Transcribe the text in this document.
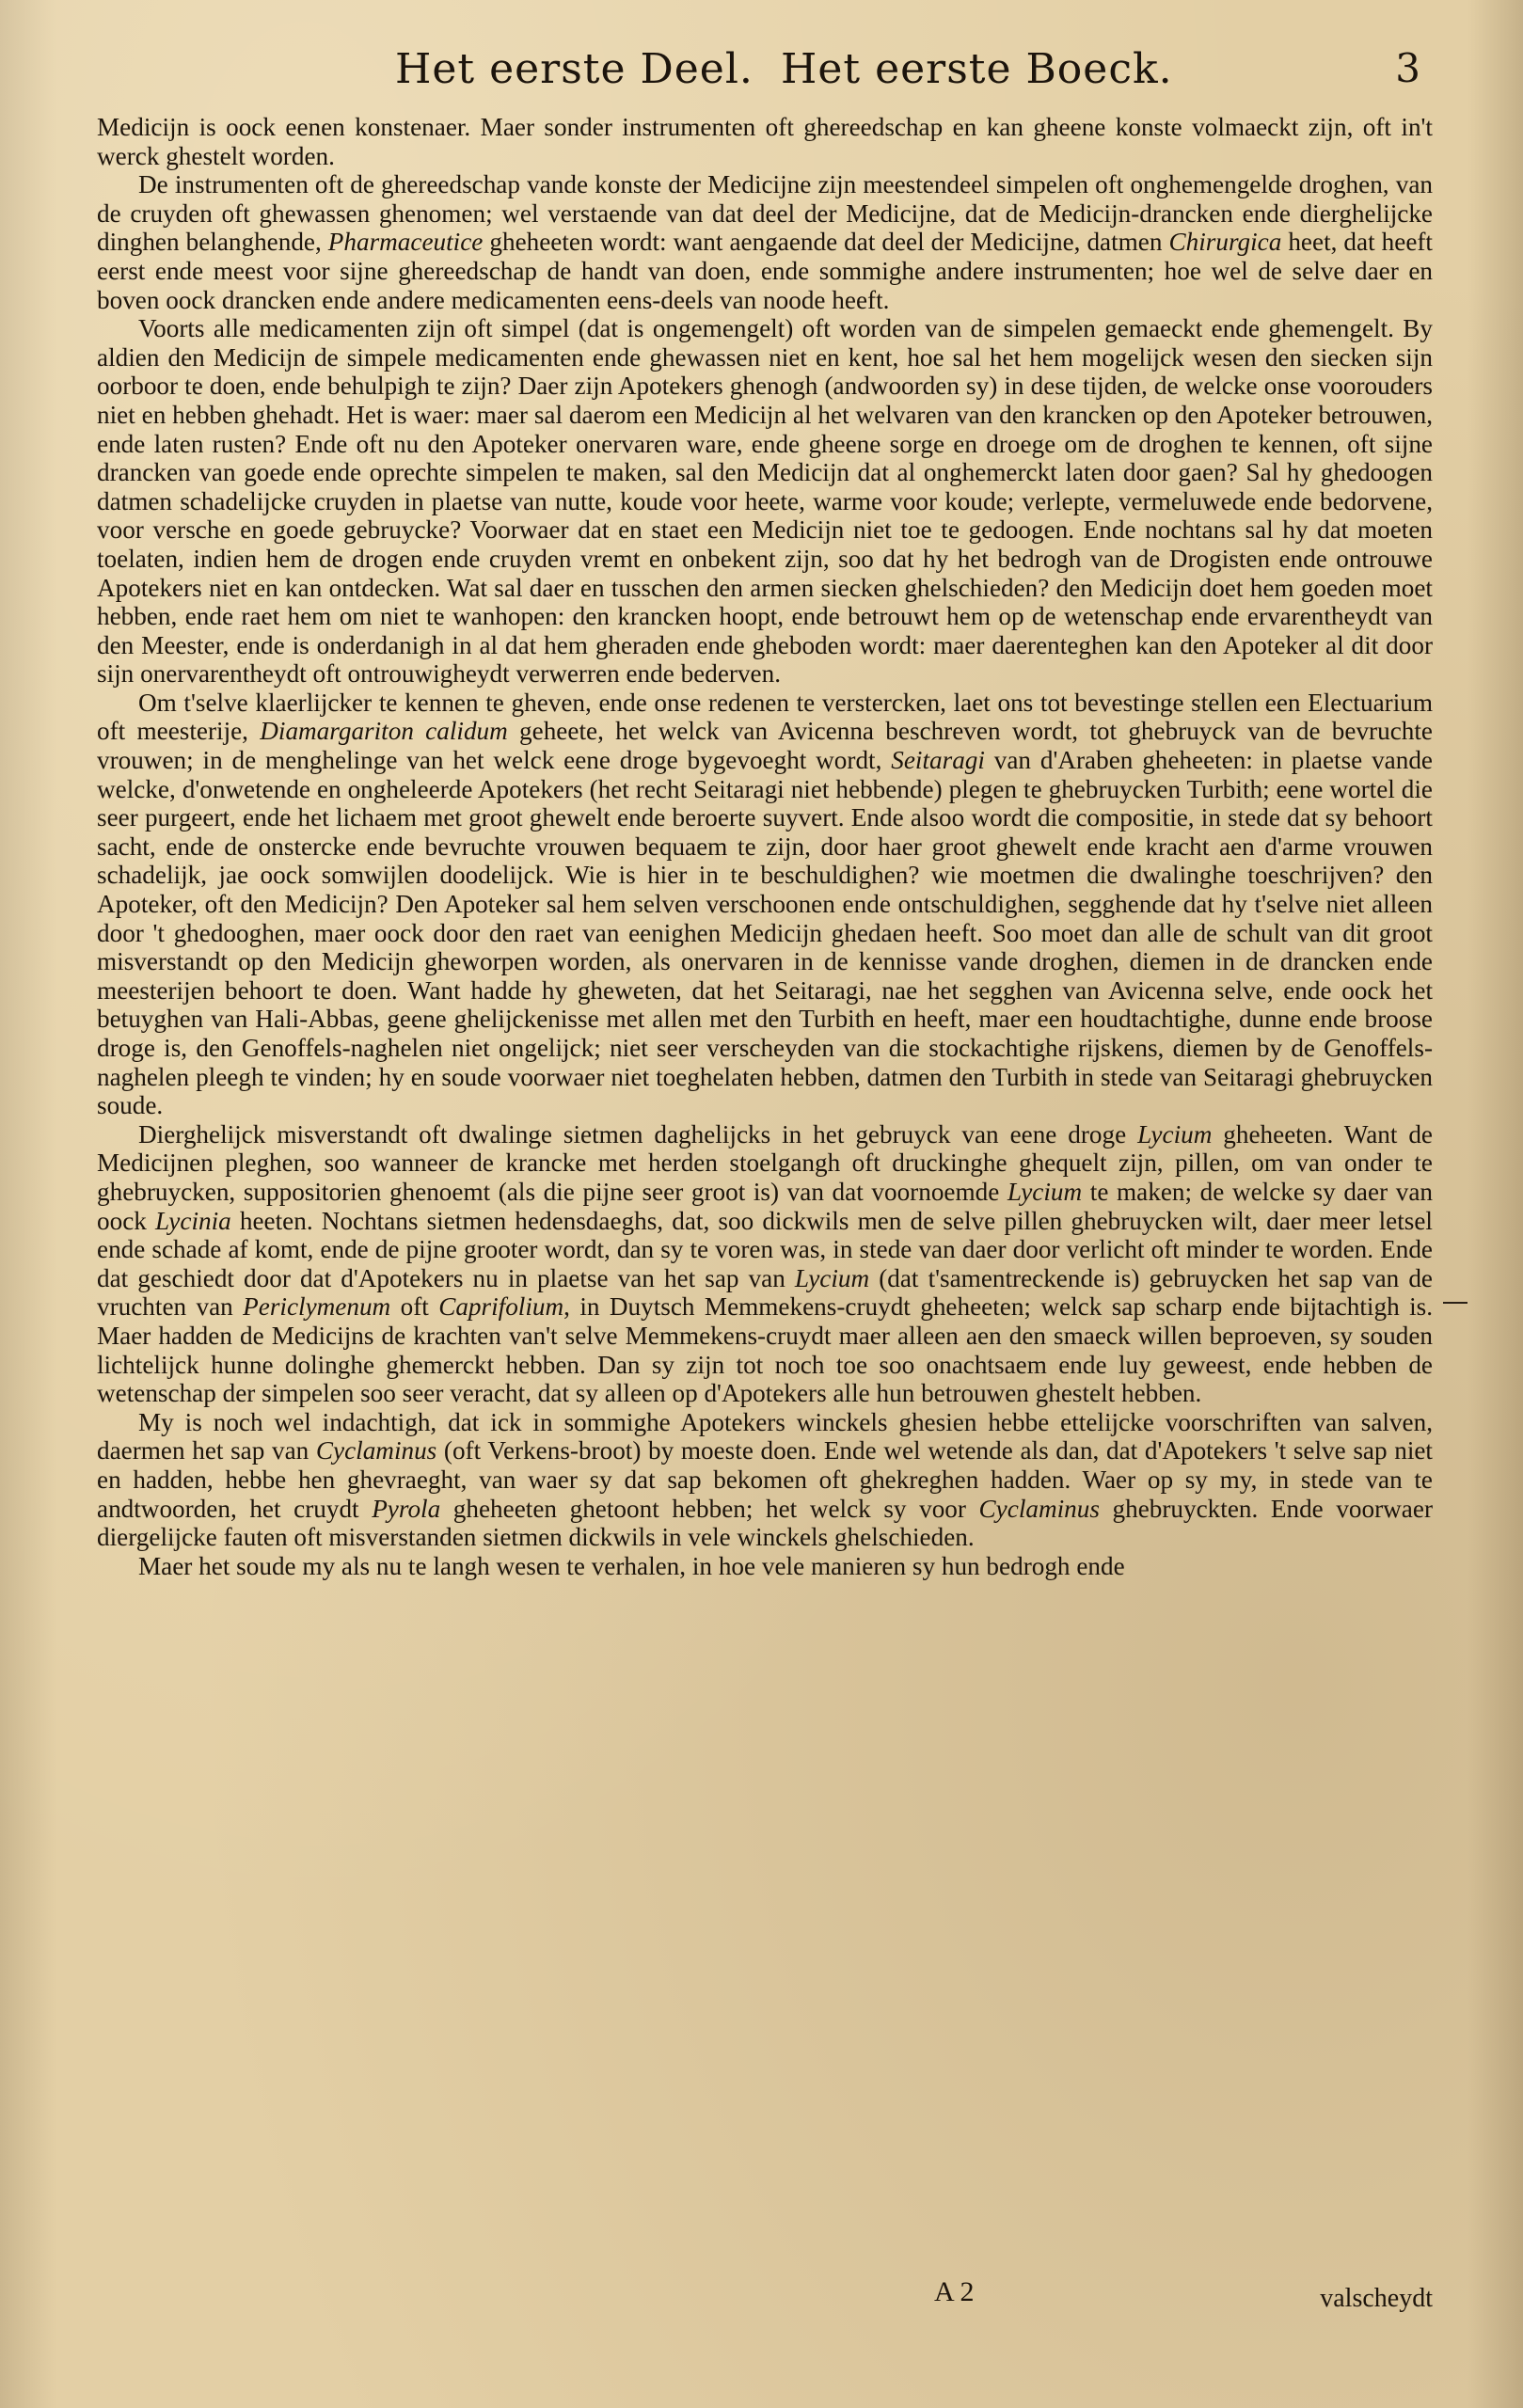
Het eerste Deel. Het eerste Boeck.	3

Medicijn is oock eenen konstenaer. Maer sonder instrumenten oft ghereedschap en kan gheene konste volmaeckt zijn, oft in't werck ghestelt worden.

De instrumenten oft de ghereedschap vande konste der Medicijne zijn meestendeel simpelen oft onghemengelde droghen, van de cruyden oft ghewassen ghenomen; wel verstaende van dat deel der Medicijne, dat de Medicijn-drancken ende dierghelijcke dinghen belanghende, Pharmaceutice gheheeten wordt: want aengaende dat deel der Medicijne, datmen Chirurgica heet, dat heeft eerst ende meest voor sijne ghereedschap de handt van doen, ende sommighe andere instrumenten; hoe wel de selve daer en boven oock drancken ende andere medicamenten eens-deels van noode heeft.

Voorts alle medicamenten zijn oft simpel (dat is ongemengelt) oft worden van de simpelen gemaeckt ende ghemengelt. By aldien den Medicijn de simpele medicamenten ende ghewassen niet en kent, hoe sal het hem mogelijck wesen den siecken sijn oorboor te doen, ende behulpigh te zijn? Daer zijn Apotekers ghenogh (andwoorden sy) in dese tijden, de welcke onse voorouders niet en hebben ghehadt. Het is waer: maer sal daerom een Medicijn al het welvaren van den krancken op den Apoteker betrouwen, ende laten rusten? Ende oft nu den Apoteker onervaren ware, ende gheene sorge en droege om de droghen te kennen, oft sijne drancken van goede ende oprechte simpelen te maken, sal den Medicijn dat al onghemerckt laten door gaen? Sal hy ghedoogen datmen schadelijcke cruyden in plaetse van nutte, koude voor heete, warme voor koude; verlepte, vermeluwede ende bedorvene, voor versche en goede gebruycke? Voorwaer dat en staet een Medicijn niet toe te gedoogen. Ende nochtans sal hy dat moeten toelaten, indien hem de drogen ende cruyden vremt en onbekent zijn, soo dat hy het bedrogh van de Drogisten ende ontrouwe Apotekers niet en kan ontdecken. Wat sal daer en tusschen den armen siecken ghelschieden? den Medicijn doet hem goeden moet hebben, ende raet hem om niet te wanhopen: den krancken hoopt, ende betrouwt hem op de wetenschap ende ervarentheydt van den Meester, ende is onderdanigh in al dat hem gheraden ende gheboden wordt: maer daerenteghen kan den Apoteker al dit door sijn onervarentheydt oft ontrouwigheydt verwerren ende bederven.

Om t'selve klaerlijcker te kennen te gheven, ende onse redenen te verstercken, laet ons tot bevestinge stellen een Electuarium oft meesterije, Diamargariton calidum geheete, het welck van Avicenna beschreven wordt, tot ghebruyck van de bevruchte vrouwen; in de menghelinge van het welck eene droge bygevoeght wordt, Seitaragi van d'Araben gheheeten: in plaetse vande welcke, d'onwetende en ongheleerde Apotekers (het recht Seitaragi niet hebbende) plegen te ghebruycken Turbith; eene wortel die seer purgeert, ende het lichaem met groot ghewelt ende beroerte suyvert. Ende alsoo wordt die compositie, in stede dat sy behoort sacht, ende de onstercke ende bevruchte vrouwen bequaem te zijn, door haer groot ghewelt ende kracht aen d'arme vrouwen schadelijk, jae oock somwijlen doodelijck. Wie is hier in te beschuldighen? wie moetmen die dwalinghe toeschrijven? den Apoteker, oft den Medicijn? Den Apoteker sal hem selven verschoonen ende ontschuldighen, segghende dat hy t'selve niet alleen door 't ghedooghen, maer oock door den raet van eenighen Medicijn ghedaen heeft. Soo moet dan alle de schult van dit groot misverstandt op den Medicijn gheworpen worden, als onervaren in de kennisse vande droghen, diemen in de drancken ende meesterijen behoort te doen. Want hadde hy gheweten, dat het Seitaragi, nae het segghen van Avicenna selve, ende oock het betuyghen van Hali-Abbas, geene ghelijckenisse met allen met den Turbith en heeft, maer een houdtachtighe, dunne ende broose droge is, den Genoffels-naghelen niet ongelijck; niet seer verscheyden van die stockachtighe rijskens, diemen by de Genoffels-naghelen pleegh te vinden; hy en soude voorwaer niet toeghelaten hebben, datmen den Turbith in stede van Seitaragi ghebruycken soude.

Dierghelijck misverstandt oft dwalinge sietmen daghelijcks in het gebruyck van eene droge Lycium gheheeten. Want de Medicijnen pleghen, soo wanneer de krancke met herden stoelgangh oft druckinghe ghequelt zijn, pillen, om van onder te ghebruycken, suppositorien ghenoemt (als die pijne seer groot is) van dat voornoemde Lycium te maken; de welcke sy daer van oock Lycinia heeten. Nochtans sietmen hedensdaeghs, dat, soo dickwils men de selve pillen ghebruycken wilt, daer meer letsel ende schade af komt, ende de pijne grooter wordt, dan sy te voren was, in stede van daer door verlicht oft minder te worden. Ende dat geschiedt door dat d'Apotekers nu in plaetse van het sap van Lycium (dat t'samentreckende is) gebruycken het sap van de vruchten van Periclymenum oft Caprifolium, in Duytsch Memmekens-cruydt gheheeten; welck sap scharp ende bijtachtigh is. Maer hadden de Medicijns de krachten van't selve Memmekens-cruydt maer alleen aen den smaeck willen beproeven, sy souden lichtelijck hunne dolinghe ghemerckt hebben. Dan sy zijn tot noch toe soo onachtsaem ende luy geweest, ende hebben de wetenschap der simpelen soo seer veracht, dat sy alleen op d'Apotekers alle hun betrouwen ghestelt hebben.

My is noch wel indachtigh, dat ick in sommighe Apotekers winckels ghesien hebbe ettelijcke voorschriften van salven, daermen het sap van Cyclaminus (oft Verkens-broot) by moeste doen. Ende wel wetende als dan, dat d'Apotekers 't selve sap niet en hadden, hebbe hen ghevraeght, van waer sy dat sap bekomen oft ghekreghen hadden. Waer op sy my, in stede van te andtwoorden, het cruydt Pyrola gheheeten ghetoont hebben; het welck sy voor Cyclaminus ghebruyckten. Ende voorwaer diergelijcke fauten oft misverstanden sietmen dickwils in vele winckels ghelschieden.

Maer het soude my als nu te langh wesen te verhalen, in hoe vele manieren sy hun bedrogh ende

A 2	valscheydt
